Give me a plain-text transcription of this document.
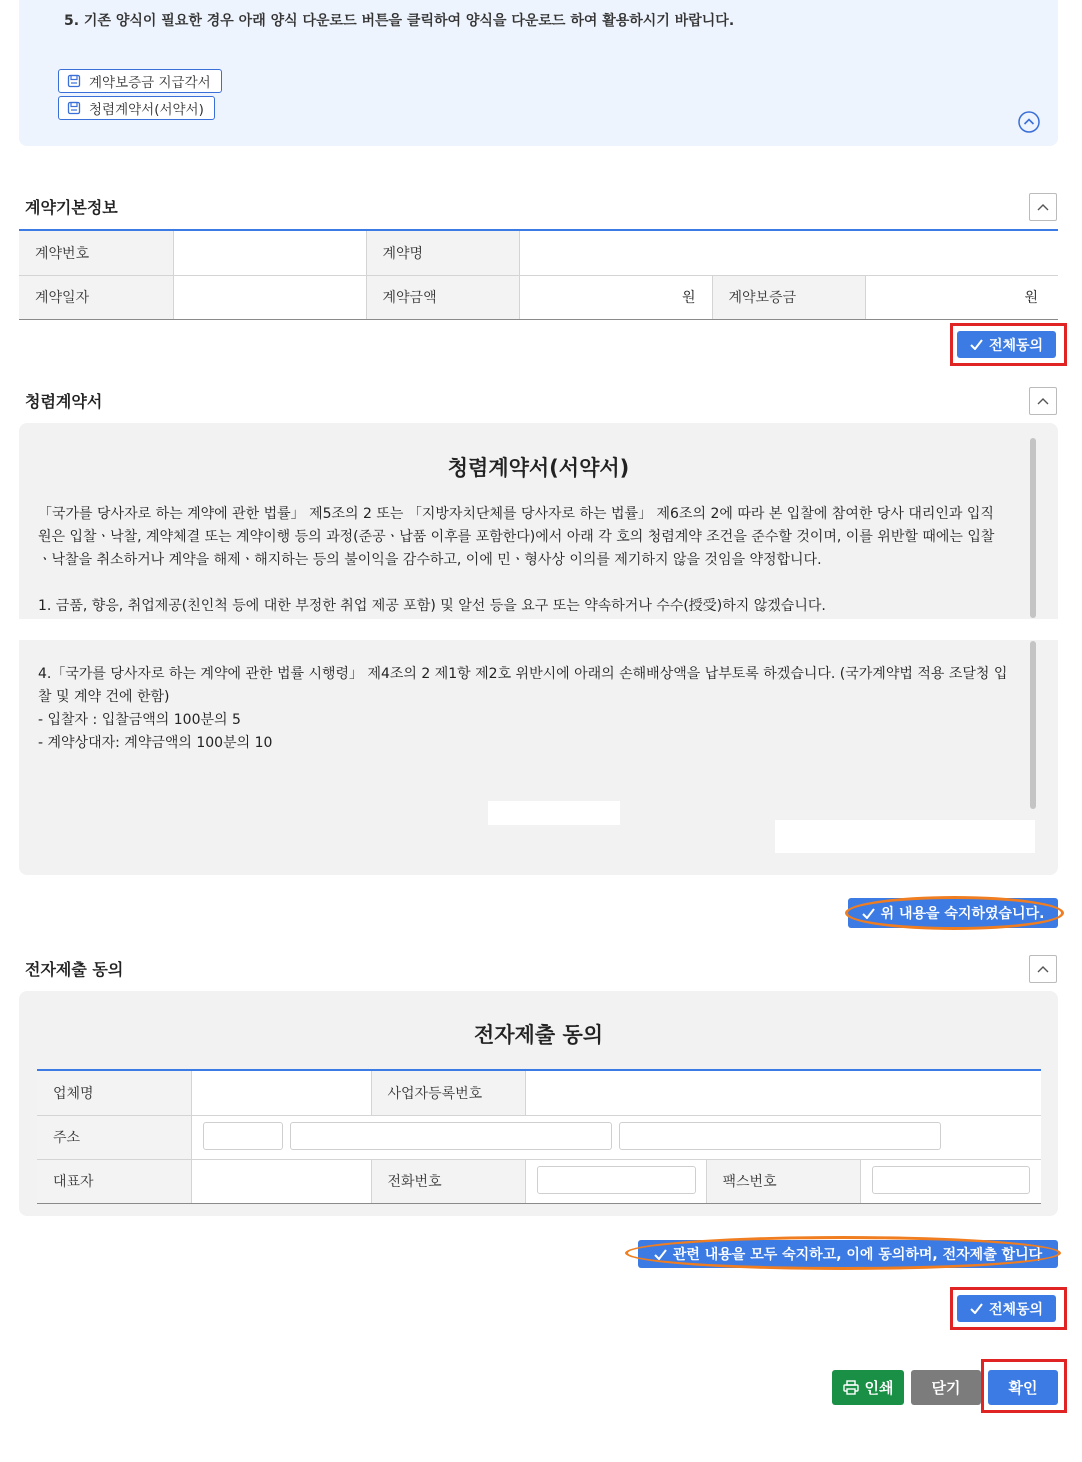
5. 기존 양식이 필요한 경우 아래 양식 다운로드 버튼을 클릭하여 양식을 다운로드 하여 활용하시기 바랍니다.
계약보증금 지급각서
청렴계약서(서약서)
계약기본정보
계약번호		계약명			
계약일자		계약금액	원	계약보증금	원
전체동의
청렴계약서
청렴계약서(서약서)
「국가를 당사자로 하는 계약에 관한 법률」 제5조의 2 또는 「지방자치단체를 당사자로 하는 법률」 제6조의 2에 따라 본 입찰에 참여한 당사 대리인과 입직
원은 입찰ㆍ낙찰, 계약체결 또는 계약이행 등의 과정(준공ㆍ납품 이후를 포함한다)에서 아래 각 호의 청렴계약 조건을 준수할 것이며, 이를 위반할 때에는 입찰
ㆍ낙찰을 취소하거나 계약을 해제ㆍ해지하는 등의 불이익을 감수하고, 이에 민ㆍ형사상 이의를 제기하지 않을 것임을 약정합니다.
1. 금품, 향응, 취업제공(친인척 등에 대한 부정한 취업 제공 포함) 및 알선 등을 요구 또는 약속하거나 수수(授受)하지 않겠습니다.
4.「국가를 당사자로 하는 계약에 관한 법률 시행령」 제4조의 2 제1항 제2호 위반시에 아래의 손해배상액을 납부토록 하겠습니다. (국가계약법 적용 조달청 입
찰 및 계약 건에 한함)
- 입찰자 : 입찰금액의 100분의 5
- 계약상대자: 계약금액의 100분의 10
위 내용을 숙지하였습니다.
전자제출 동의
전자제출 동의
업체명		사업자등록번호			
주소					
대표자		전화번호		팩스번호	
관련 내용을 모두 숙지하고, 이에 동의하며, 전자제출 합니다
전체동의
인쇄	닫기	확인
